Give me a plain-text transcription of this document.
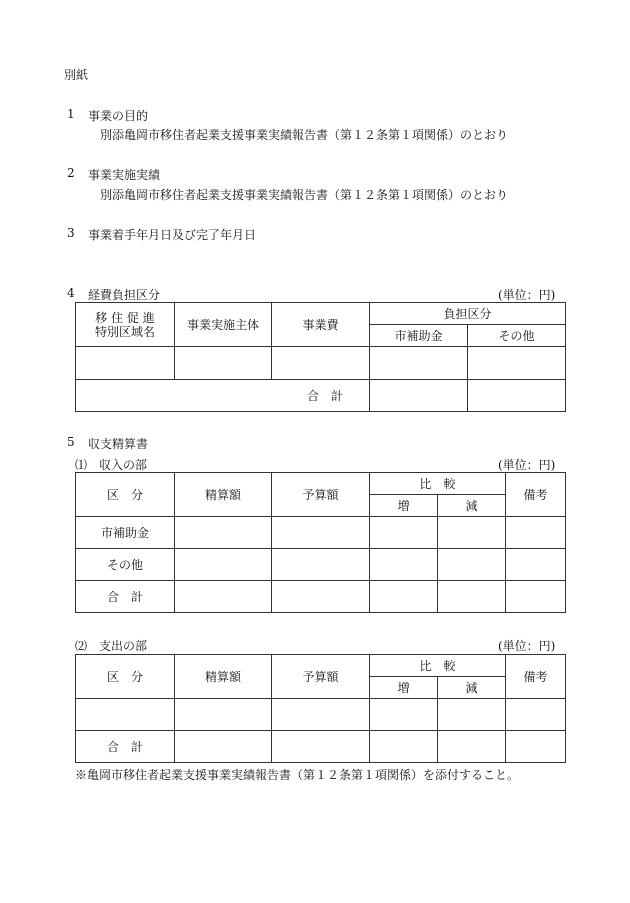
別紙
1 事業の目的
別添亀岡市移住者起業支援事業実績報告書（第１２条第１項関係）のとおり
2 事業実施実績
別添亀岡市移住者起業支援事業実績報告書（第１２条第１項関係）のとおり
3 事業着手年月日及び完了年月日
4 経費負担区分	(単位：円)
移 住 促 進
特別区域名	事業実施主体	事業費	負担区分	
			市補助金	その他

合　計				
5 収支精算書
⑴　収入の部	(単位：円)
区　分	精算額	予算額	比　較		備考
			増	減	
市補助金					
その他					
合　計					
⑵　支出の部	(単位：円)
区　分	精算額	予算額	比　較		備考
			増	減	

合　計					
※亀岡市移住者起業支援事業実績報告書（第１２条第１項関係）を添付すること。
